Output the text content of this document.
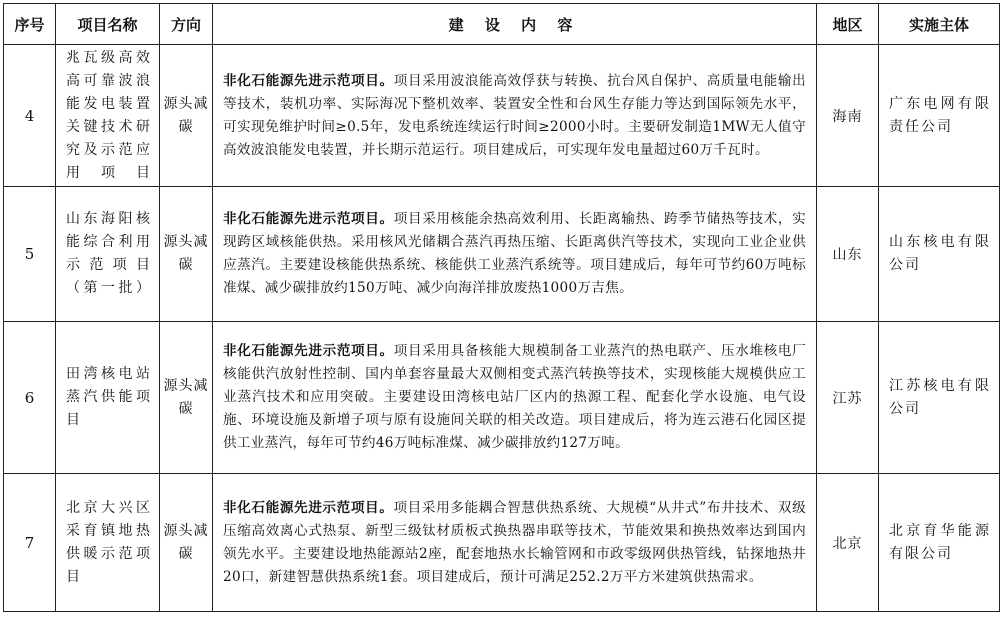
序号	项目名称	方向	建 设 内 容	地区	实施主体
4	兆瓦级高效高可靠波浪能发电装置关键技术研究及示范应用项目	源头减碳	非化石能源先进示范项目。项目采用波浪能高效俘获与转换、抗台风自保护、高质量电能输出等技术，装机功率、实际海况下整机效率、装置安全性和台风生存能力等达到国际领先水平，可实现免维护时间≥0.5年，发电系统连续运行时间≥2000小时。主要研发制造1MW无人值守高效波浪能发电装置，并长期示范运行。项目建成后，可实现年发电量超过60万千瓦时。	海南	广东电网有限责任公司
5	山东海阳核能综合利用示范项目（第一批）	源头减碳	非化石能源先进示范项目。项目采用核能余热高效利用、长距离输热、跨季节储热等技术，实现跨区域核能供热。采用核风光储耦合蒸汽再热压缩、长距离供汽等技术，实现向工业企业供应蒸汽。主要建设核能供热系统、核能供工业蒸汽系统等。项目建成后，每年可节约60万吨标准煤、减少碳排放约150万吨、减少向海洋排放废热1000万吉焦。	山东	山东核电有限公司
6	田湾核电站蒸汽供能项目	源头减碳	非化石能源先进示范项目。项目采用具备核能大规模制备工业蒸汽的热电联产、压水堆核电厂核能供汽放射性控制、国内单套容量最大双侧相变式蒸汽转换等技术，实现核能大规模供应工业蒸汽技术和应用突破。主要建设田湾核电站厂区内的热源工程、配套化学水设施、电气设施、环境设施及新增子项与原有设施间关联的相关改造。项目建成后，将为连云港石化园区提供工业蒸汽，每年可节约46万吨标准煤、减少碳排放约127万吨。	江苏	江苏核电有限公司
7	北京大兴区采育镇地热供暖示范项目	源头减碳	非化石能源先进示范项目。项目采用多能耦合智慧供热系统、大规模“从井式”布井技术、双级压缩高效离心式热泵、新型三级钛材质板式换热器串联等技术，节能效果和换热效率达到国内领先水平。主要建设地热能源站2座，配套地热水长输管网和市政零级网供热管线，钻探地热井20口，新建智慧供热系统1套。项目建成后，预计可满足252.2万平方米建筑供热需求。	北京	北京育华能源有限公司
